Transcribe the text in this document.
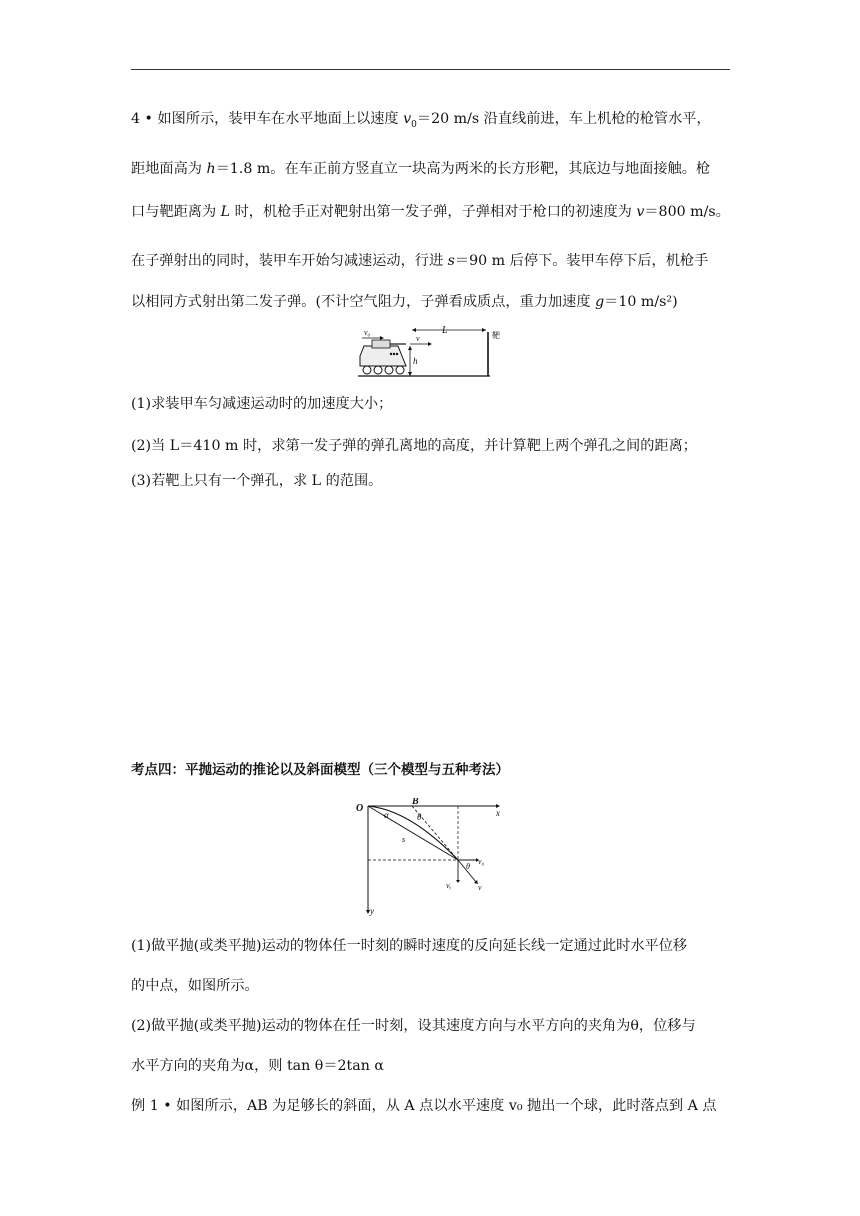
4 • 如图所示，装甲车在水平地面上以速度 $v_0=20$ m/s 沿直线前进，车上机枪的枪管水平，
距地面高为 h＝1.8 m。在车正前方竖直立一块高为两米的长方形靶，其底边与地面接触。枪
口与靶距离为 L 时，机枪手正对靶射出第一发子弹，子弹相对于枪口的初速度为 v＝800 m/s。
在子弹射出的同时，装甲车开始匀减速运动，行进 s＝90 m 后停下。装甲车停下后，机枪手
以相同方式射出第二发子弹。(不计空气阻力，子弹看成质点，重力加速度 g＝10 m/s²)
靶
v₀
v
L
h
(1)求装甲车匀减速运动时的加速度大小；
(2)当 L＝410 m 时，求第一发子弹的弹孔离地的高度，并计算靶上两个弹孔之间的距离；
(3)若靶上只有一个弹孔，求 L 的范围。
考点四：平抛运动的推论以及斜面模型（三个模型与五种考法）
O	x
y
B
α	θ
s
θ
v₀
vᵧ	v
(1)做平抛(或类平抛)运动的物体任一时刻的瞬时速度的反向延长线一定通过此时水平位移
的中点，如图所示。
(2)做平抛(或类平抛)运动的物体在任一时刻，设其速度方向与水平方向的夹角为θ，位移与
水平方向的夹角为α，则 tan θ＝2tan α
例 1 • 如图所示，AB 为足够长的斜面，从 A 点以水平速度 v₀ 抛出一个球，此时落点到 A 点
